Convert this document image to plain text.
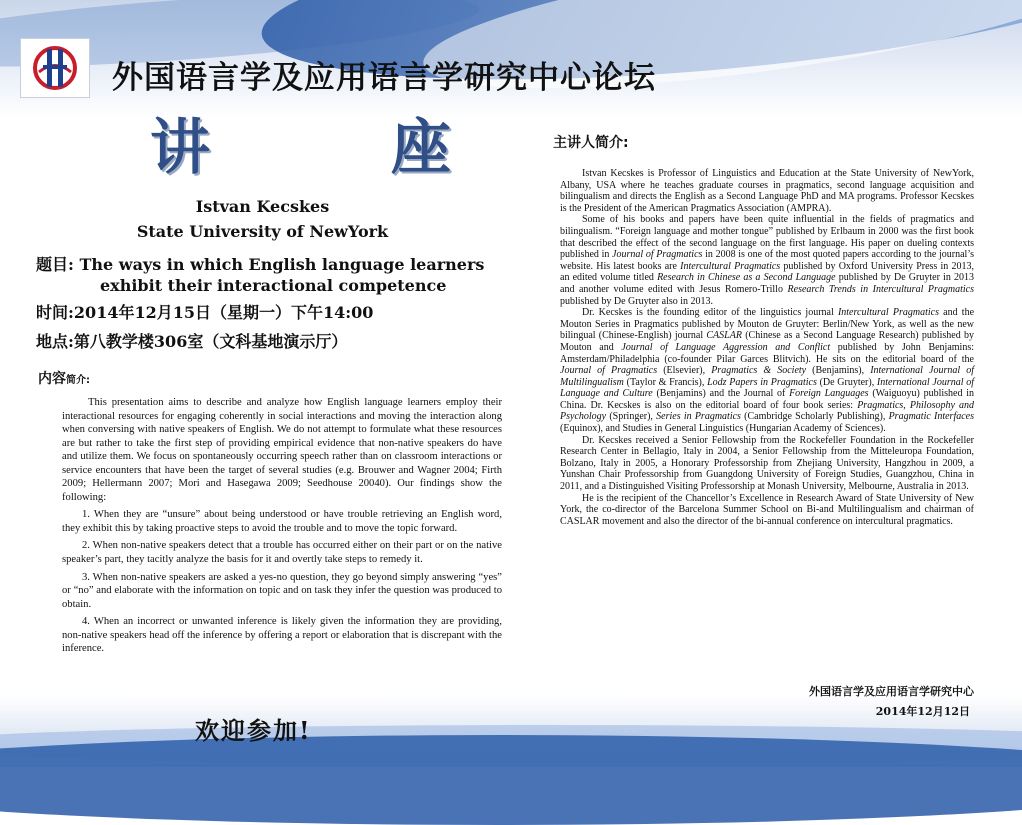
外国语言学及应用语言学研究中心论坛
讲 座
Istvan Kecskes
State University of NewYork
题目: The ways in which English language learners
exhibit their interactional competence
时间:2014年12月15日（星期一）下午14:00
地点:第八教学楼306室（文科基地演示厅）
内容简介:

This presentation aims to describe and analyze how English language learners employ their interactional resources for engaging coherently in social interactions and moving the interaction along when conversing with native speakers of English. We do not attempt to formulate what these resources are but rather to take the first step of providing empirical evidence that non-native speakers do have and utilize them. We focus on spontaneously occurring speech rather than on classroom interactions or service encounters that have been the target of several studies (e.g. Brouwer and Wagner 2004; Firth 2009; Hellermann 2007; Mori and Hasegawa 2009; Seedhouse 20040). Our findings show the following:

1. When they are “unsure” about being understood or have trouble retrieving an English word, they exhibit this by taking proactive steps to avoid the trouble and to move the topic forward.

2. When non-native speakers detect that a trouble has occurred either on their part or on the native speaker’s part, they tacitly analyze the basis for it and overtly take steps to remedy it.

3. When non-native speakers are asked a yes-no question, they go beyond simply answering “yes” or “no” and elaborate with the information on topic and on task they infer the question was produced to obtain.

4. When an incorrect or unwanted inference is likely given the information they are providing, non-native speakers head off the inference by offering a report or elaboration that is discrepant with the inference.

欢迎参加!
主讲人简介:

Istvan Kecskes is Professor of Linguistics and Education at the State University of NewYork, Albany, USA where he teaches graduate courses in pragmatics, second language acquisition and bilingualism and directs the English as a Second Language PhD and MA programs. Professor Kecskes is the President of the American Pragmatics Association (AMPRA).

Some of his books and papers have been quite influential in the fields of pragmatics and bilingualism. “Foreign language and mother tongue” published by Erlbaum in 2000 was the first book that described the effect of the second language on the first language. His paper on dueling contexts published in Journal of Pragmatics in 2008 is one of the most quoted papers according to the journal’s website. His latest books are Intercultural Pragmatics published by Oxford University Press in 2013, an edited volume titled Research in Chinese as a Second Language published by De Gruyter in 2013 and another volume edited with Jesus Romero-Trillo Research Trends in Intercultural Pragmatics published by De Gruyter also in 2013.

Dr. Kecskes is the founding editor of the linguistics journal Intercultural Pragmatics and the Mouton Series in Pragmatics published by Mouton de Gruyter: Berlin/New York, as well as the new bilingual (Chinese-English) journal CASLAR (Chinese as a Second Language Research) published by Mouton and Journal of Language Aggression and Conflict published by John Benjamins: Amsterdam/Philadelphia (co-founder Pilar Garces Blitvich). He sits on the editorial board of the Journal of Pragmatics (Elsevier), Pragmatics & Society (Benjamins), International Journal of Multilingualism (Taylor & Francis), Lodz Papers in Pragmatics (De Gruyter), International Journal of Language and Culture (Benjamins) and the Journal of Foreign Languages (Waiguoyu) published in China. Dr. Kecskes is also on the editorial board of four book series: Pragmatics, Philosophy and Psychology (Springer), Series in Pragmatics (Cambridge Scholarly Publishing), Pragmatic Interfaces (Equinox), and Studies in General Linguistics (Hungarian Academy of Sciences).

Dr. Kecskes received a Senior Fellowship from the Rockefeller Foundation in the Rockefeller Research Center in Bellagio, Italy in 2004, a Senior Fellowship from the Mitteleuropa Foundation, Bolzano, Italy in 2005, a Honorary Professorship from Zhejiang University, Hangzhou in 2009, a Yunshan Chair Professorship from Guangdong University of Foreign Studies, Guangzhou, China in 2011, and a Distinguished Visiting Professorship at Monash University, Melbourne, Australia in 2013.

He is the recipient of the Chancellor’s Excellence in Research Award of State University of New York, the co-director of the Barcelona Summer School on Bi-and Multilingualism and chairman of CASLAR movement and also the director of the bi-annual conference on intercultural pragmatics.

外国语言学及应用语言学研究中心
2014年12月12日
